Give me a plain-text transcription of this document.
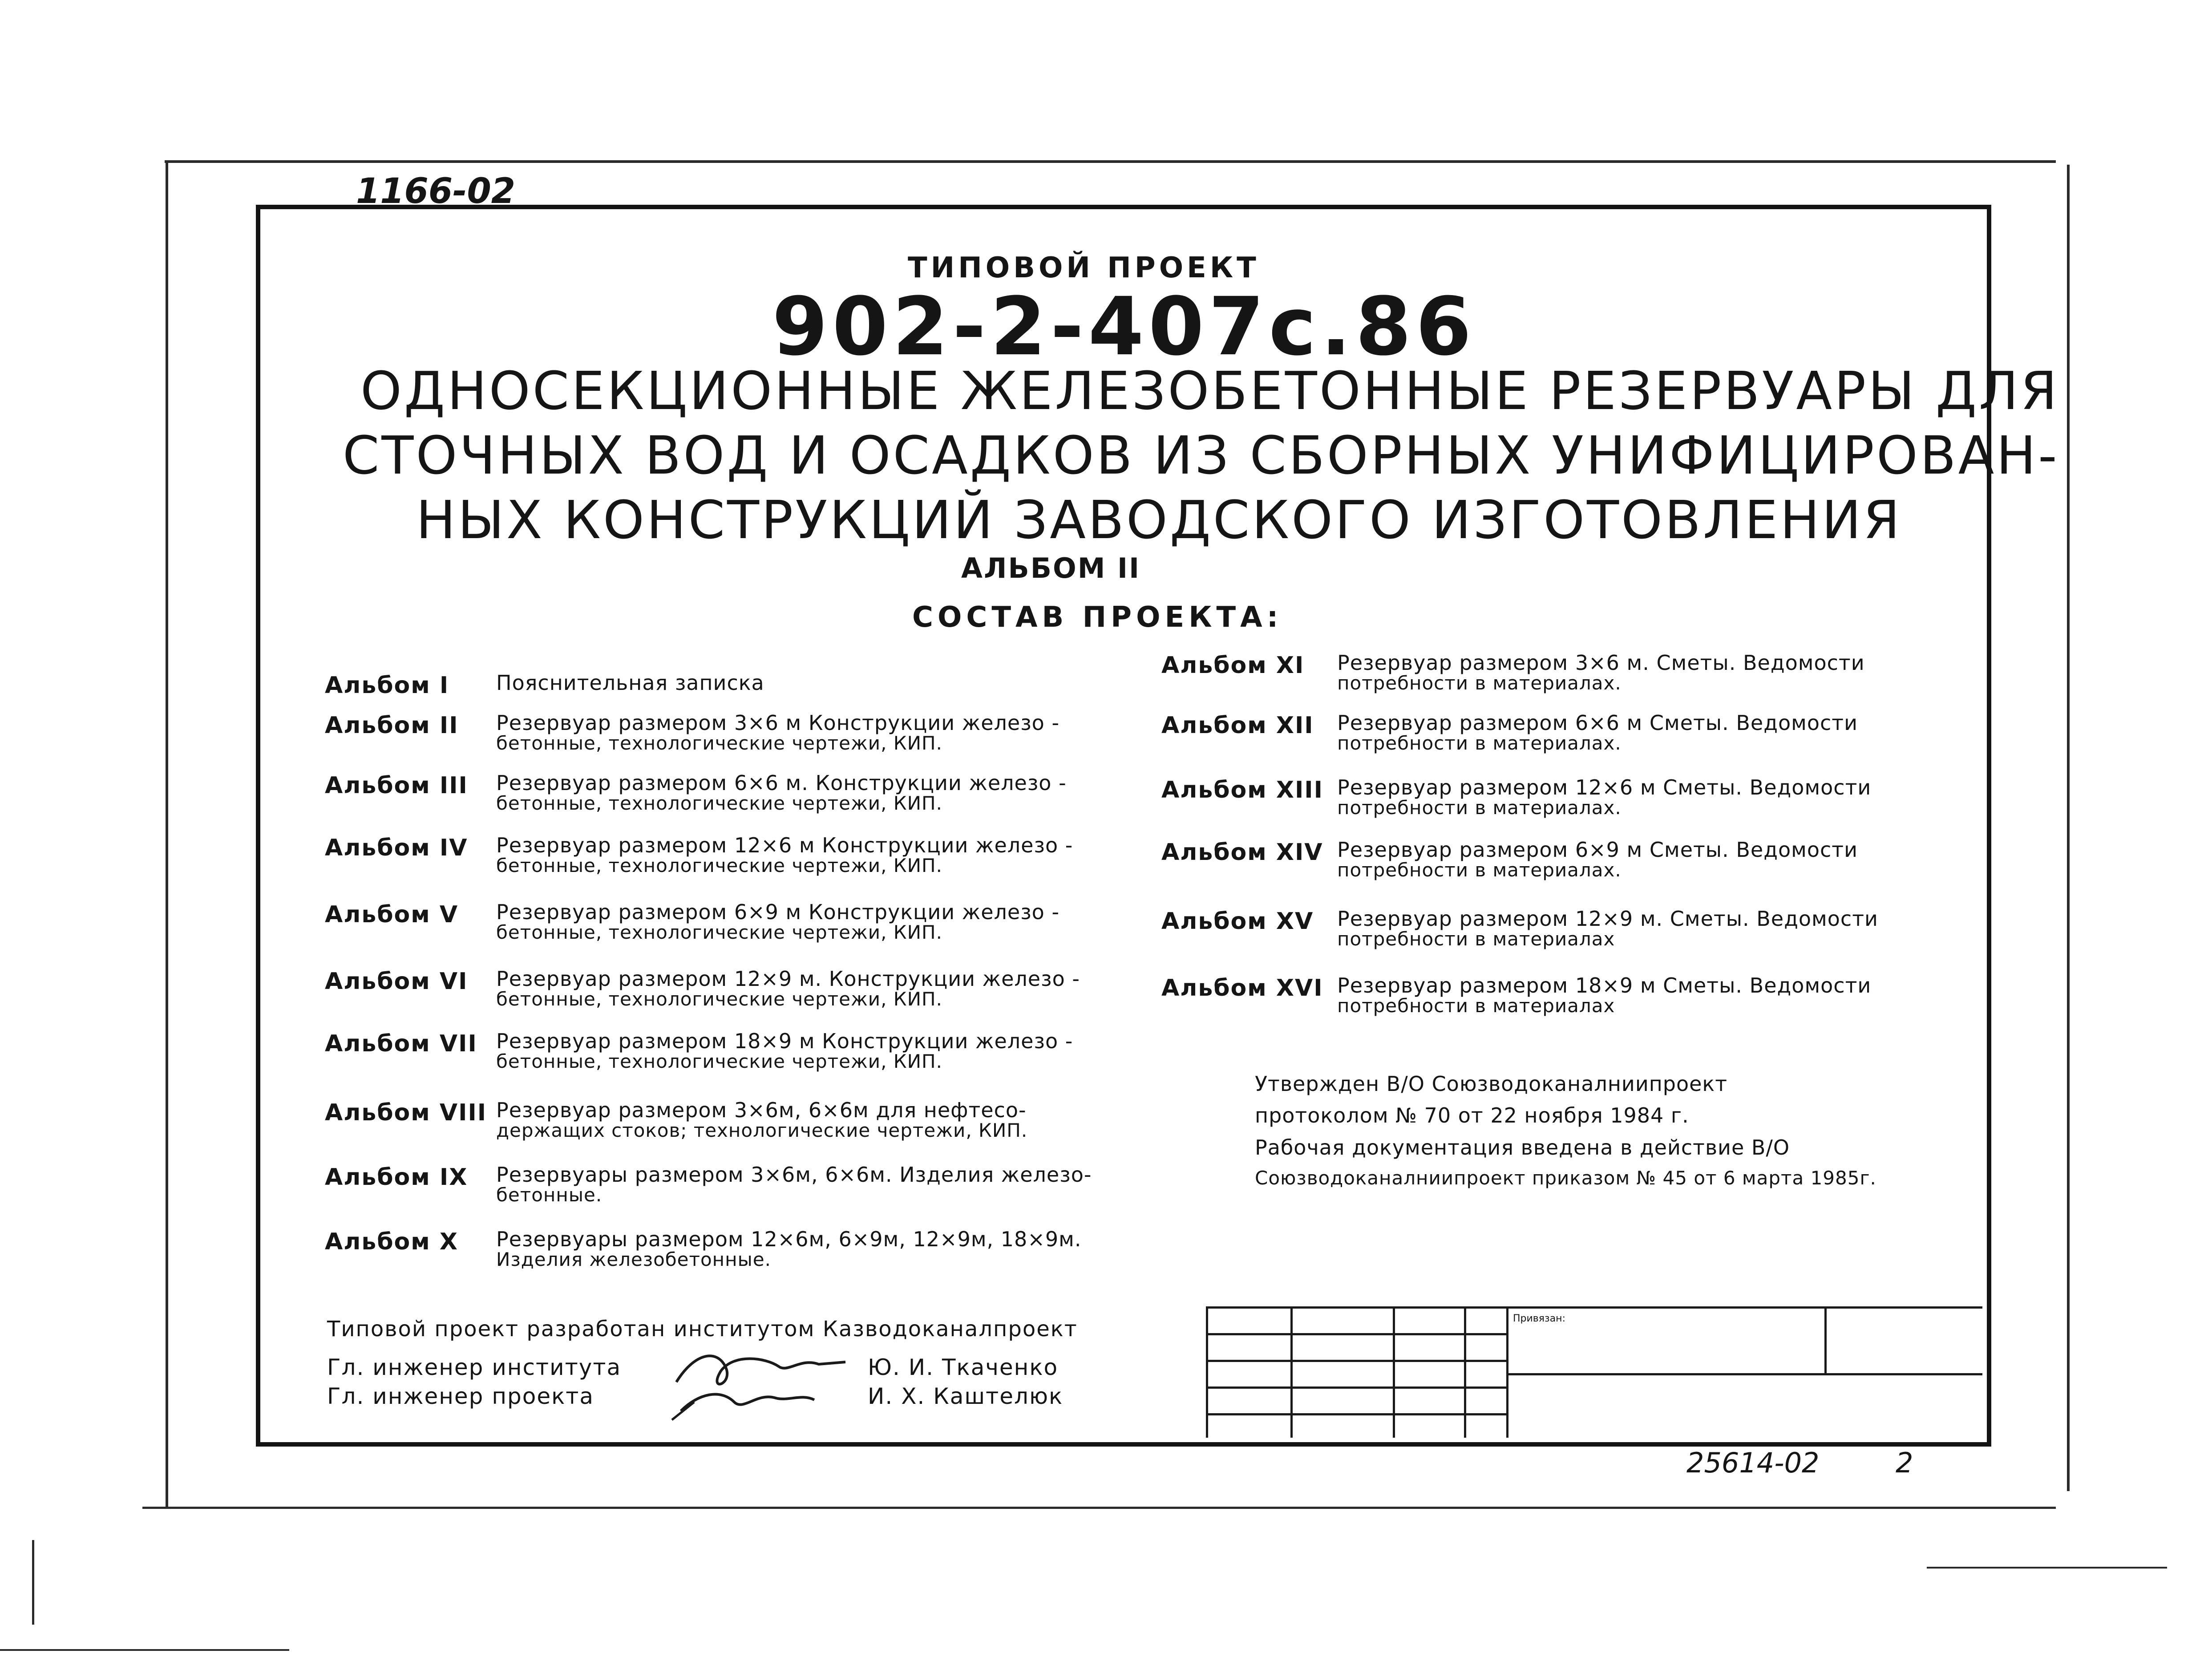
1166-02
ТИПОВОЙ ПРОЕКТ
902-2-407с.86
ОДНОСЕКЦИОННЫЕ ЖЕЛЕЗОБЕТОННЫЕ РЕЗЕРВУАРЫ ДЛЯ
СТОЧНЫХ ВОД И ОСАДКОВ ИЗ СБОРНЫХ УНИФИЦИРОВАН-
НЫХ КОНСТРУКЦИЙ ЗАВОДСКОГО ИЗГОТОВЛЕНИЯ
АЛЬБОМ II
СОСТАВ ПРОЕКТА:
Альбом I	Пояснительная записка
Альбом II	Резервуар размером 3×6 м Конструкции железо -
бетонные, технологические чертежи, КИП.
Альбом III	Резервуар размером 6×6 м. Конструкции железо -
бетонные, технологические чертежи, КИП.
Альбом IV	Резервуар размером 12×6 м Конструкции железо -
бетонные, технологические чертежи, КИП.
Альбом V	Резервуар размером 6×9 м Конструкции железо -
бетонные, технологические чертежи, КИП.
Альбом VI	Резервуар размером 12×9 м. Конструкции железо -
бетонные, технологические чертежи, КИП.
Альбом VII Резервуар размером 18×9 м Конструкции железо -
бетонные, технологические чертежи, КИП.
Альбом VIII Резервуар размером 3×6м, 6×6м для нефтесо-
держащих стоков; технологические чертежи, КИП.
Альбом IX	Резервуары размером 3×6м, 6×6м. Изделия железо-
бетонные.
Альбом X	Резервуары размером 12×6м, 6×9м, 12×9м, 18×9м.
Изделия железобетонные.
Альбом XI	Резервуар размером 3×6 м. Сметы. Ведомости
потребности в материалах.
Альбом XII	Резервуар размером 6×6 м Сметы. Ведомости
потребности в материалах.
Альбом XIII Резервуар размером 12×6 м Сметы. Ведомости
потребности в материалах.
Альбом XIV Резервуар размером 6×9 м Сметы. Ведомости
потребности в материалах.
Альбом XV	Резервуар размером 12×9 м. Сметы. Ведомости
потребности в материалах
Альбом XVI Резервуар размером 18×9 м Сметы. Ведомости
потребности в материалах
Утвержден В/О Союзводоканалниипроект
протоколом № 70 от 22 ноября 1984 г.
Рабочая документация введена в действие В/О
Союзводоканалниипроект приказом № 45 от 6 марта 1985г.
Типовой проект разработан институтом Казводоканалпроект
Гл. инженер института
Гл. инженер проекта
Ю. И. Ткаченко
И. Х. Каштелюк
Привязан:
25614-02	2
